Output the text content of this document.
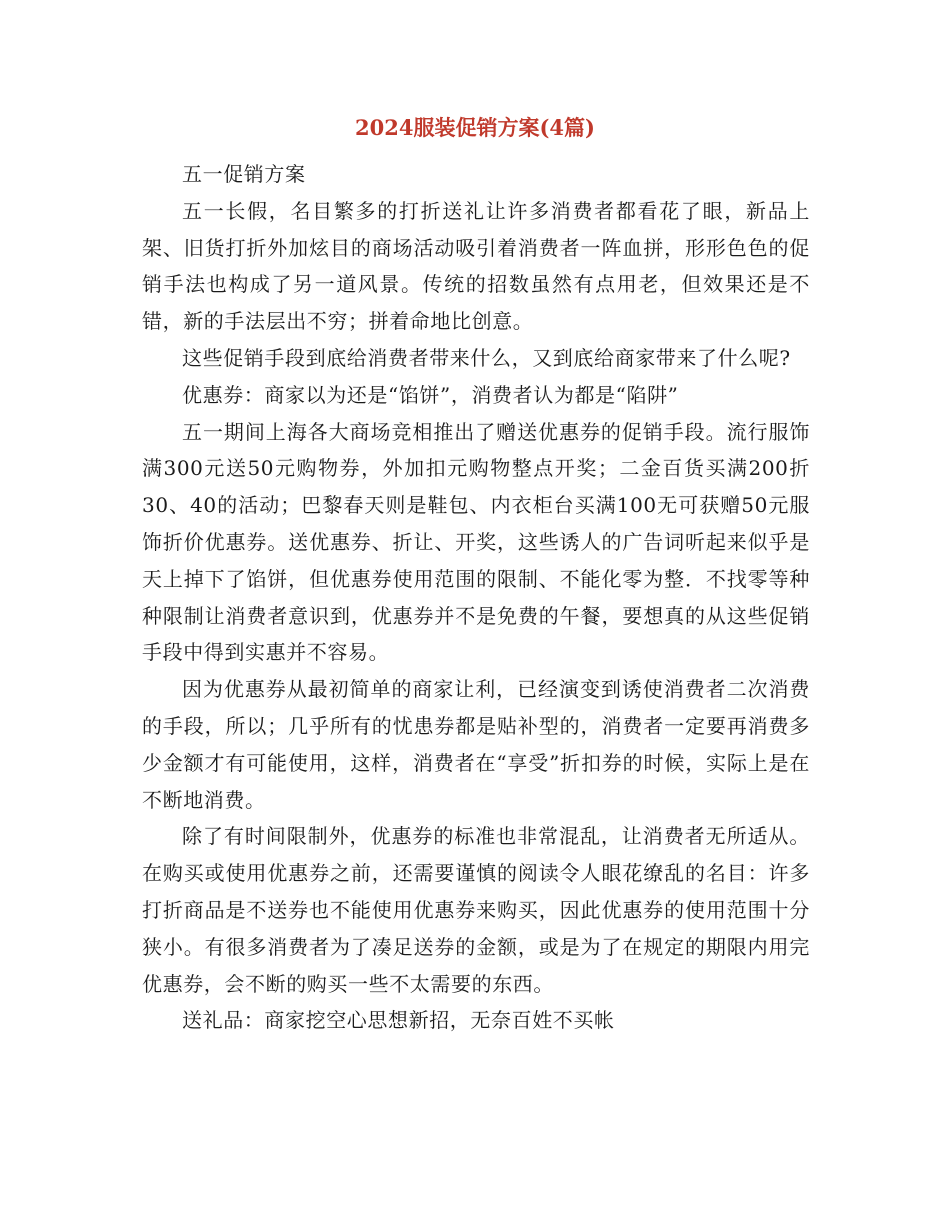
2024服装促销方案(4篇)

五一促销方案

五一长假，名目繁多的打折送礼让许多消费者都看花了眼，新品上架、旧货打折外加炫目的商场活动吸引着消费者一阵血拼，形形色色的促销手法也构成了另一道风景。传统的招数虽然有点用老，但效果还是不错，新的手法层出不穷；拼着命地比创意。

这些促销手段到底给消费者带来什么，又到底给商家带来了什么呢?

优惠券：商家以为还是“馅饼”，消费者认为都是“陷阱”

五一期间上海各大商场竞相推出了赠送优惠券的促销手段。流行服饰满300元送50元购物券，外加扣元购物整点开奖；二金百货买满200折30、40的活动；巴黎春天则是鞋包、内衣柜台买满100无可获赠50元服饰折价优惠券。送优惠券、折让、开奖，这些诱人的广告词听起来似乎是天上掉下了馅饼，但优惠券使用范围的限制、不能化零为整．不找零等种种限制让消费者意识到，优惠券并不是免费的午餐，要想真的从这些促销手段中得到实惠并不容易。

因为优惠券从最初简单的商家让利，已经演变到诱使消费者二次消费的手段，所以；几乎所有的忧患券都是贴补型的，消费者一定要再消费多少金额才有可能使用，这样，消费者在“享受”折扣券的时候，实际上是在不断地消费。

除了有时间限制外，优惠券的标准也非常混乱，让消费者无所适从。在购买或使用优惠券之前，还需要谨慎的阅读令人眼花缭乱的名目：许多打折商品是不送券也不能使用优惠券来购买，因此优惠券的使用范围十分狭小。有很多消费者为了凑足送券的金额，或是为了在规定的期限内用完优惠券，会不断的购买一些不太需要的东西。

送礼品：商家挖空心思想新招，无奈百姓不买帐
